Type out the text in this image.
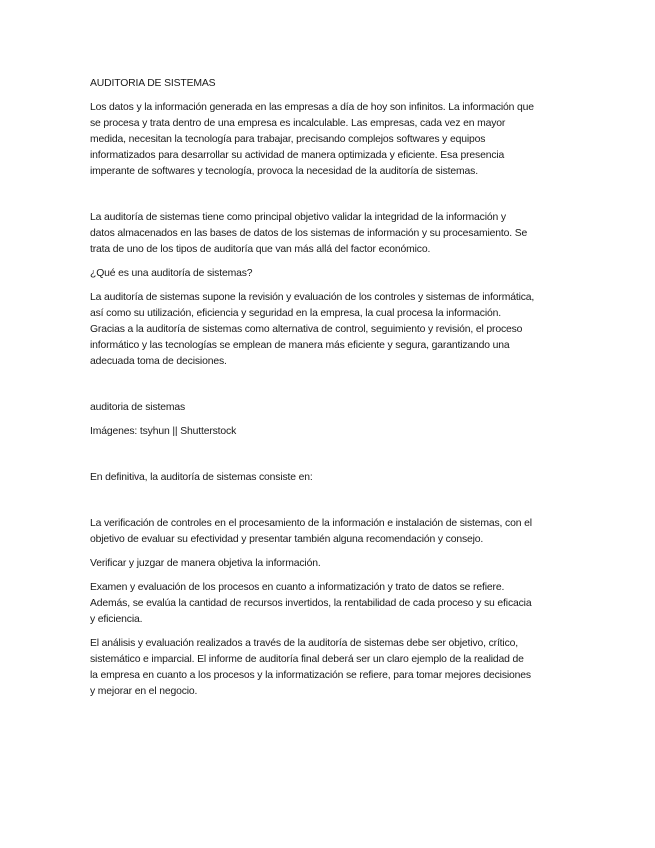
AUDITORIA DE SISTEMAS
Los datos y la información generada en las empresas a día de hoy son infinitos. La información que
se procesa y trata dentro de una empresa es incalculable. Las empresas, cada vez en mayor
medida, necesitan la tecnología para trabajar, precisando complejos softwares y equipos
informatizados para desarrollar su actividad de manera optimizada y eficiente. Esa presencia
imperante de softwares y tecnología, provoca la necesidad de la auditoría de sistemas.
La auditoría de sistemas tiene como principal objetivo validar la integridad de la información y
datos almacenados en las bases de datos de los sistemas de información y su procesamiento. Se
trata de uno de los tipos de auditoría que van más allá del factor económico.
¿Qué es una auditoría de sistemas?
La auditoría de sistemas supone la revisión y evaluación de los controles y sistemas de informática,
así como su utilización, eficiencia y seguridad en la empresa, la cual procesa la información.
Gracias a la auditoría de sistemas como alternativa de control, seguimiento y revisión, el proceso
informático y las tecnologías se emplean de manera más eficiente y segura, garantizando una
adecuada toma de decisiones.
auditoria de sistemas
Imágenes: tsyhun || Shutterstock
En definitiva, la auditoría de sistemas consiste en:
La verificación de controles en el procesamiento de la información e instalación de sistemas, con el
objetivo de evaluar su efectividad y presentar también alguna recomendación y consejo.
Verificar y juzgar de manera objetiva la información.
Examen y evaluación de los procesos en cuanto a informatización y trato de datos se refiere.
Además, se evalúa la cantidad de recursos invertidos, la rentabilidad de cada proceso y su eficacia
y eficiencia.
El análisis y evaluación realizados a través de la auditoría de sistemas debe ser objetivo, crítico,
sistemático e imparcial. El informe de auditoría final deberá ser un claro ejemplo de la realidad de
la empresa en cuanto a los procesos y la informatización se refiere, para tomar mejores decisiones
y mejorar en el negocio.
